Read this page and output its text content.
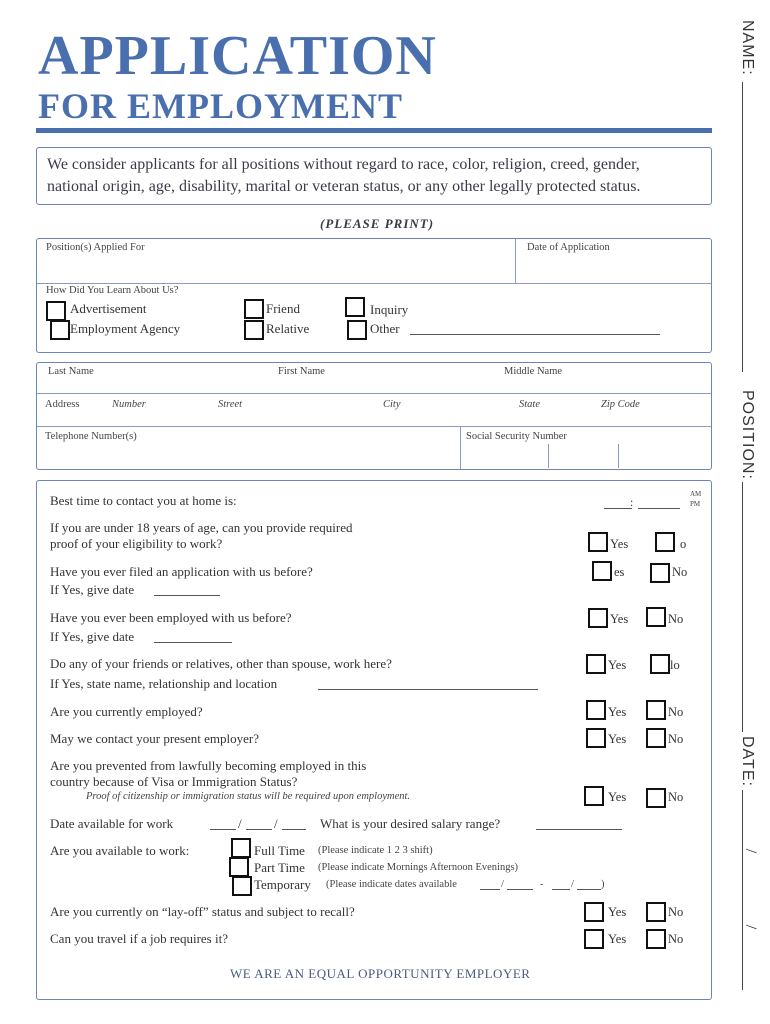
APPLICATION
FOR EMPLOYMENT
We consider applicants for all positions without regard to race, color, religion, creed, gender,
national origin, age, disability, marital or veteran status, or any other legally protected status.
(PLEASE PRINT)
Position(s) Applied For	Date of Application
How Did You Learn About Us?
Advertisement
Employment Agency
Friend
Relative
Inquiry
Other
Last Name	First Name	Middle Name
Address	Number	Street	City	State	Zip Code
Telephone Number(s)	Social Security Number
Best time to contact you at home is:	:
AM
PM
If you are under 18 years of age, can you provide required
proof of your eligibility to work?	Yes	o
Have you ever filed an application with us before?
If Yes, give date
es	No
Have you ever been employed with us before?
If Yes, give date
Yes	No
Do any of your friends or relatives, other than spouse, work here?
If Yes, state name, relationship and location
Yes	lo
Are you currently employed?	Yes	No
May we contact your present employer?	Yes	No
Are you prevented from lawfully becoming employed in this
country because of Visa or Immigration Status?
Proof of citizenship or immigration status will be required upon employment.	Yes	No
Date available for work	/ /	What is your desired salary range?
Are you available to work:	Full Time (Please indicate 1 2 3 shift)
Part Time (Please indicate Mornings Afternoon Evenings)
Temporary (Please indicate dates available	/	-	/	)
Are you currently on “lay-off” status and subject to recall?	Yes	No
Can you travel if a job requires it?	Yes	No
WE ARE AN EQUAL OPPORTUNITY EMPLOYER
NAME:
POSITION:
DATE:
/
/
